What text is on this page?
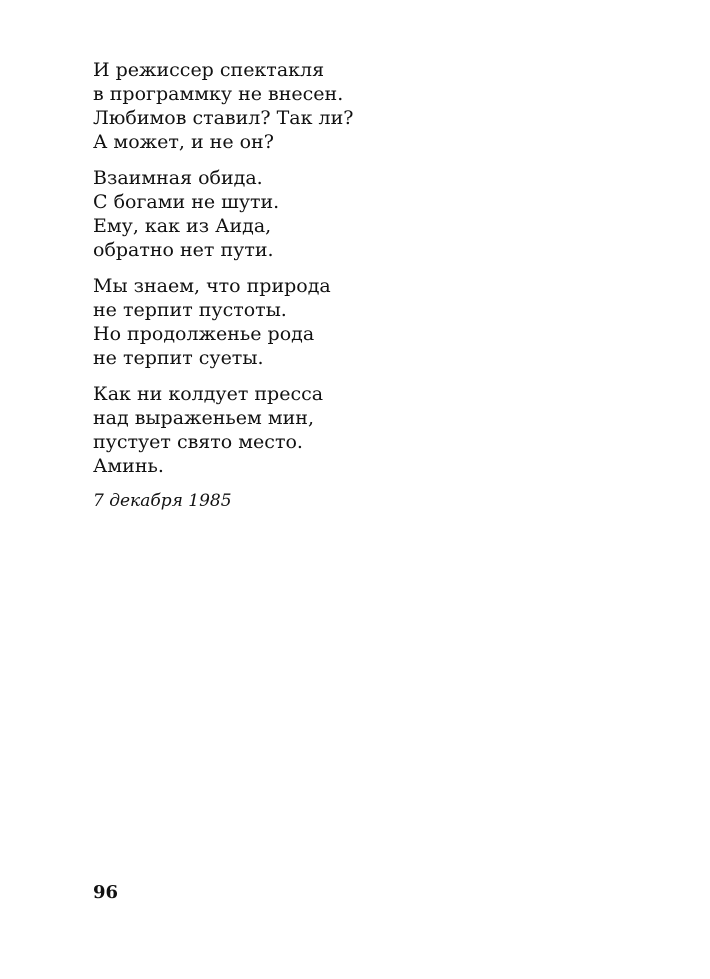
И режиссер спектакля
в программку не внесен.
Любимов ставил? Так ли?
А может, и не он?
Взаимная обида.
С богами не шути.
Ему, как из Аида,
обратно нет пути.
Мы знаем, что природа
не терпит пустоты.
Но продолженье рода
не терпит суеты.
Как ни колдует пресса
над выраженьем мин,
пустует свято место.
Аминь.
7 декабря 1985
96
